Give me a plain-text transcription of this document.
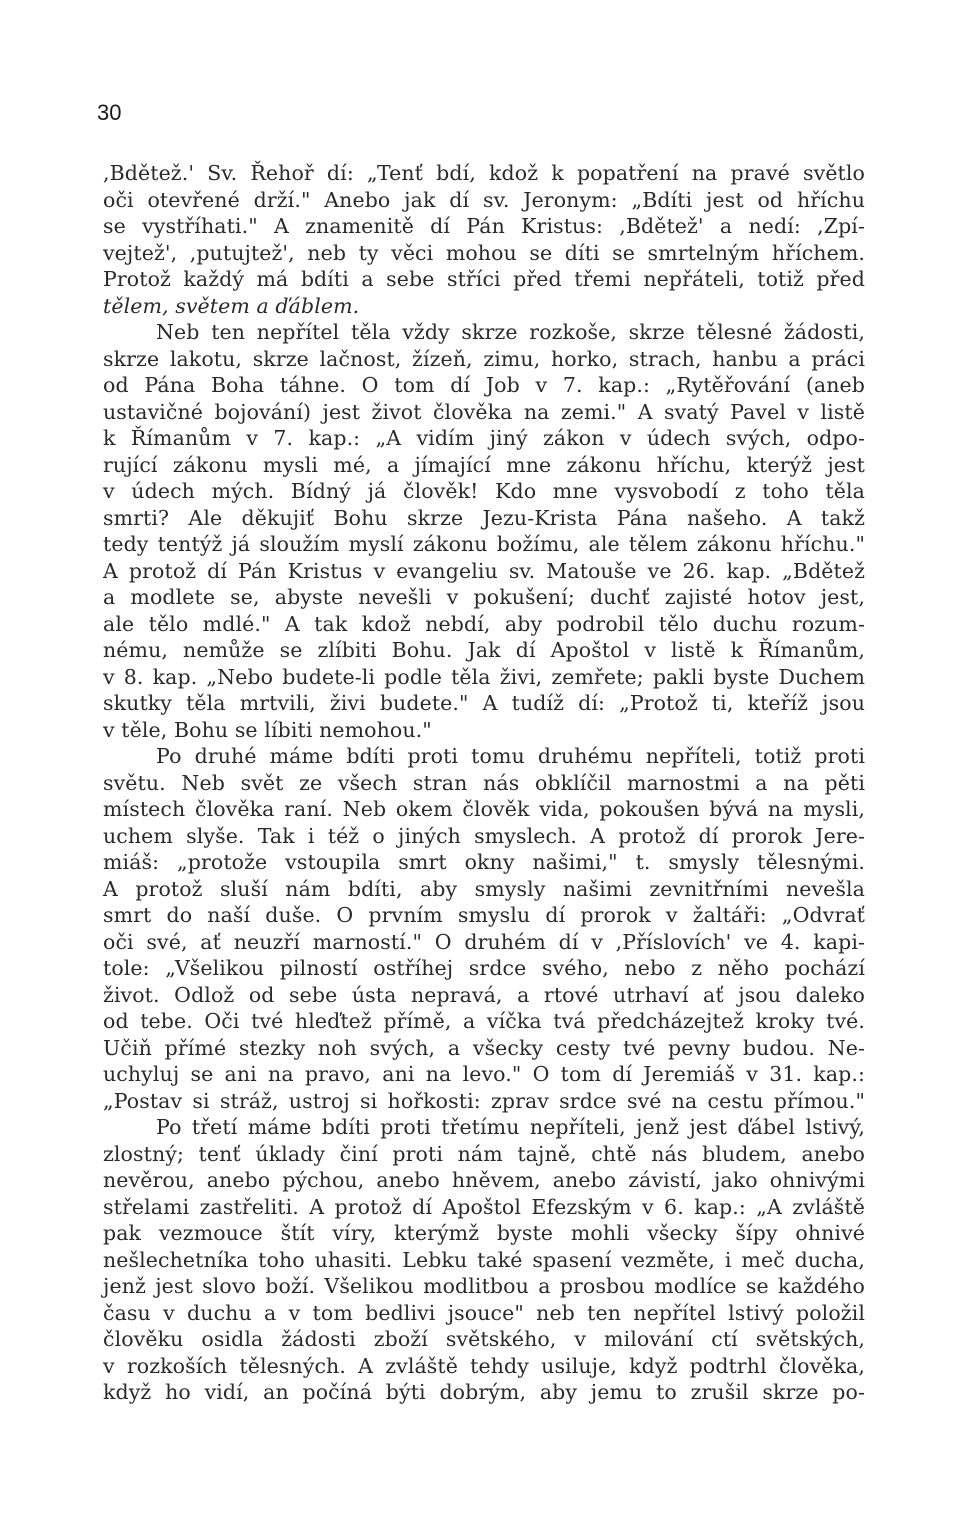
30
,Bdětež.' Sv. Řehoř dí: „Tenť bdí, kdož k popatření na pravé světlo
oči otevřené drží." Anebo jak dí sv. Jeronym: „Bdíti jest od hříchu
se vystříhati." A znamenitě dí Pán Kristus: ,Bdětež' a nedí: ,Zpí-
vejtež', ,putujtež', neb ty věci mohou se díti se smrtelným hříchem.
Protož každý má bdíti a sebe stříci před třemi nepřáteli, totiž před
tělem, světem a ďáblem.
Neb ten nepřítel těla vždy skrze rozkoše, skrze tělesné žádosti,
skrze lakotu, skrze lačnost, žízeň, zimu, horko, strach, hanbu a práci
od Pána Boha táhne. O tom dí Job v 7. kap.: „Rytěřování (aneb
ustavičné bojování) jest život člověka na zemi." A svatý Pavel v listě
k Římanům v 7. kap.: „A vidím jiný zákon v údech svých, odpo-
rující zákonu mysli mé, a jímající mne zákonu hříchu, kterýž jest
v údech mých. Bídný já člověk! Kdo mne vysvobodí z toho těla
smrti? Ale děkujiť Bohu skrze Jezu-Krista Pána našeho. A takž
tedy tentýž já sloužím myslí zákonu božímu, ale tělem zákonu hříchu."
A protož dí Pán Kristus v evangeliu sv. Matouše ve 26. kap. „Bdětež
a modlete se, abyste nevešli v pokušení; duchť zajisté hotov jest,
ale tělo mdlé." A tak kdož nebdí, aby podrobil tělo duchu rozum-
nému, nemůže se zlíbiti Bohu. Jak dí Apoštol v listě k Římanům,
v 8. kap. „Nebo budete-li podle těla živi, zemřete; pakli byste Duchem
skutky těla mrtvili, živi budete." A tudíž dí: „Protož ti, kteříž jsou
v těle, Bohu se líbiti nemohou."
Po druhé máme bdíti proti tomu druhému nepříteli, totiž proti
světu. Neb svět ze všech stran nás obklíčil marnostmi a na pěti
místech člověka raní. Neb okem člověk vida, pokoušen bývá na mysli,
uchem slyše. Tak i též o jiných smyslech. A protož dí prorok Jere-
miáš: „protože vstoupila smrt okny našimi," t. smysly tělesnými.
A protož sluší nám bdíti, aby smysly našimi zevnitřními nevešla
smrt do naší duše. O prvním smyslu dí prorok v žaltáři: „Odvrať
oči své, ať neuzří marností." O druhém dí v ,Příslovích' ve 4. kapi-
tole: „Všelikou pilností ostříhej srdce svého, nebo z něho pochází
život. Odlož od sebe ústa nepravá, a rtové utrhaví ať jsou daleko
od tebe. Oči tvé hleďtež přímě, a víčka tvá předcházejtež kroky tvé.
Učiň přímé stezky noh svých, a všecky cesty tvé pevny budou. Ne-
uchyluj se ani na pravo, ani na levo." O tom dí Jeremiáš v 31. kap.:
„Postav si stráž, ustroj si hořkosti: zprav srdce své na cestu přímou."
Po třetí máme bdíti proti třetímu nepříteli, jenž jest ďábel lstivý,
zlostný; tenť úklady činí proti nám tajně, chtě nás bludem, anebo
nevěrou, anebo pýchou, anebo hněvem, anebo závistí, jako ohnivými
střelami zastřeliti. A protož dí Apoštol Efezským v 6. kap.: „A zvláště
pak vezmouce štít víry, kterýmž byste mohli všecky šípy ohnivé
nešlechetníka toho uhasiti. Lebku také spasení vezměte, i meč ducha,
jenž jest slovo boží. Všelikou modlitbou a prosbou modlíce se každého
času v duchu a v tom bedlivi jsouce" neb ten nepřítel lstivý položil
člověku osidla žádosti zboží světského, v milování ctí světských,
v rozkoších tělesných. A zvláště tehdy usiluje, když podtrhl člověka,
když ho vidí, an počíná býti dobrým, aby jemu to zrušil skrze po-
